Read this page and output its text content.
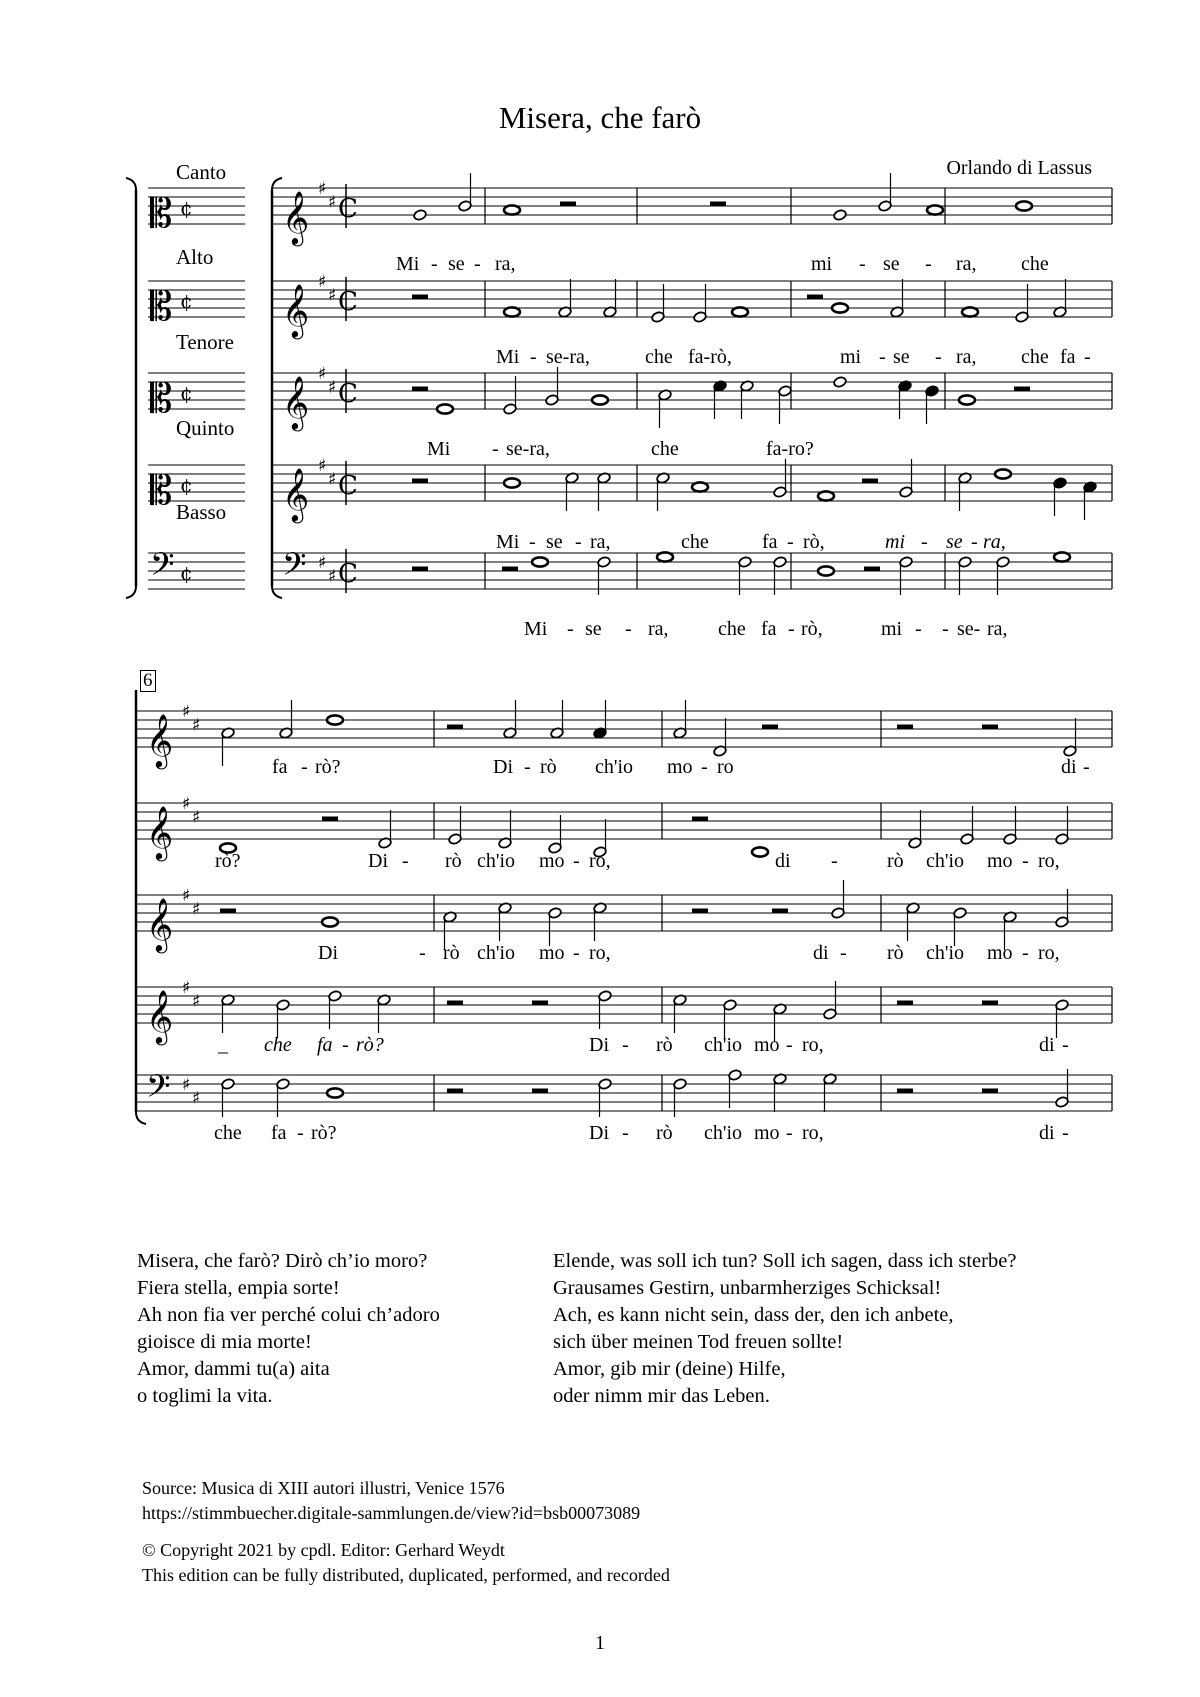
Misera, che farò
Orlando di Lassus
Canto
Alto
Tenore
Quinto
Basso
6
𝄡 ¢
𝄡 ¢
𝄡 ¢
𝄡 ¢
𝄢 ¢
𝄞
♯
♯ C
𝄞
♯
♯ C
𝄞
♯
♯ C
𝄞
♯
♯ C
𝄢 ♯
♯ C
𝄞
♯
♯
𝄞
♯
♯
𝄞
♯
♯
𝄞
♯
♯
𝄢 ♯
♯
Mi - se - ra,	mi - se - ra, che
Mi - se-ra,	che fa-rò,	mi - se - ra, che fa -
Mi - se-ra,	che	fa-ro?
Mi - se - ra,	che	fa - rò,	mi - se - ra,
Mi - se - ra, che fa - rò,	mi - - se- ra,
fa - rò?	Di - rò ch'io mo - ro	di -
rò?	Di - rò ch'io mo - ro,	di - rò ch'io mo - ro,
Di	- rò ch'io mo - ro,	di - rò ch'io mo - ro,
_ che fa - rò?	Di - rò ch'io mo - ro,	di -
che fa - rò?	Di - rò ch'io mo - ro,	di -
Misera, che farò? Dirò ch’io moro?
Fiera stella, empia sorte!
Ah non fia ver perché colui ch’adoro
gioisce di mia morte!
Amor, dammi tu(a) aita
o toglimi la vita.
Elende, was soll ich tun? Soll ich sagen, dass ich sterbe?
Grausames Gestirn, unbarmherziges Schicksal!
Ach, es kann nicht sein, dass der, den ich anbete,
sich über meinen Tod freuen sollte!
Amor, gib mir (deine) Hilfe,
oder nimm mir das Leben.
Source: Musica di XIII autori illustri, Venice 1576
https://stimmbuecher.digitale-sammlungen.de/view?id=bsb00073089
© Copyright 2021 by cpdl. Editor: Gerhard Weydt
This edition can be fully distributed, duplicated, performed, and recorded
1
